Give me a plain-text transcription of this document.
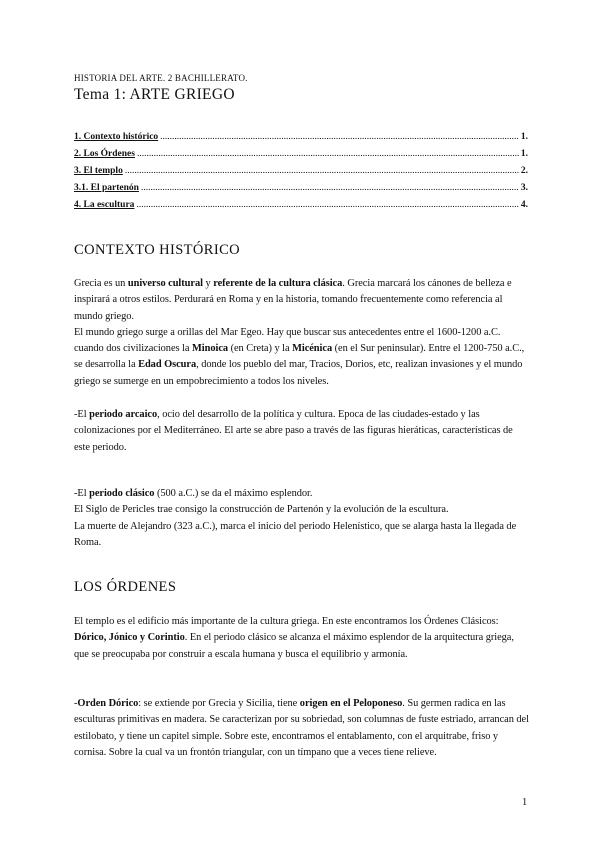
HISTORIA DEL ARTE. 2 BACHILLERATO.
Tema 1: ARTE GRIEGO
1. Contexto histórico .....	1.
2. Los Órdenes .....	1.
3. El templo .....	2.
3.1. El partenón .....	3.
4. La escultura .....	4.
CONTEXTO HISTÓRICO

Grecia es un universo cultural y referente de la cultura clásica. Grecia marcará los cánones de belleza e inspirará a otros estilos. Perdurará en Roma y en la historia, tomando frecuentemente como referencia al mundo griego.

El mundo griego surge a orillas del Mar Egeo. Hay que buscar sus antecedentes entre el 1600-1200 a.C. cuando dos civilizaciones la Minoica (en Creta) y la Micénica (en el Sur peninsular). Entre el 1200-750 a.C., se desarrolla la Edad Oscura, donde los pueblo del mar, Tracios, Dorios, etc, realizan invasiones y el mundo griego se sumerge en un empobrecimiento a todos los niveles.

-El periodo arcaico, ocio del desarrollo de la política y cultura. Epoca de las ciudades-estado y las colonizaciones por el Mediterráneo. El arte se abre paso a través de las figuras hieráticas, características de este periodo.

-El periodo clásico (500 a.C.) se da el máximo esplendor.

El Siglo de Pericles trae consigo la construcción de Partenón y la evolución de la escultura.

La muerte de Alejandro (323 a.C.), marca el inicio del periodo Helenístico, que se alarga hasta la llegada de Roma.

LOS ÓRDENES

El templo es el edificio más importante de la cultura griega. En este encontramos los Órdenes Clásicos: Dórico, Jónico y Corintio. En el periodo clásico se alcanza el máximo esplendor de la arquitectura griega, que se preocupaba por construir a escala humana y busca el equilibrio y armonía.

-Orden Dórico: se extiende por Grecia y Sicilia, tiene origen en el Peloponeso. Su germen radica en las esculturas primitivas en madera. Se caracterizan por su sobriedad, son columnas de fuste estriado, arrancan del estilobato, y tiene un capitel simple. Sobre este, encontramos el entablamento, con el arquitrabe, friso y cornisa. Sobre la cual va un frontón triangular, con un tímpano que a veces tiene relieve.

1
